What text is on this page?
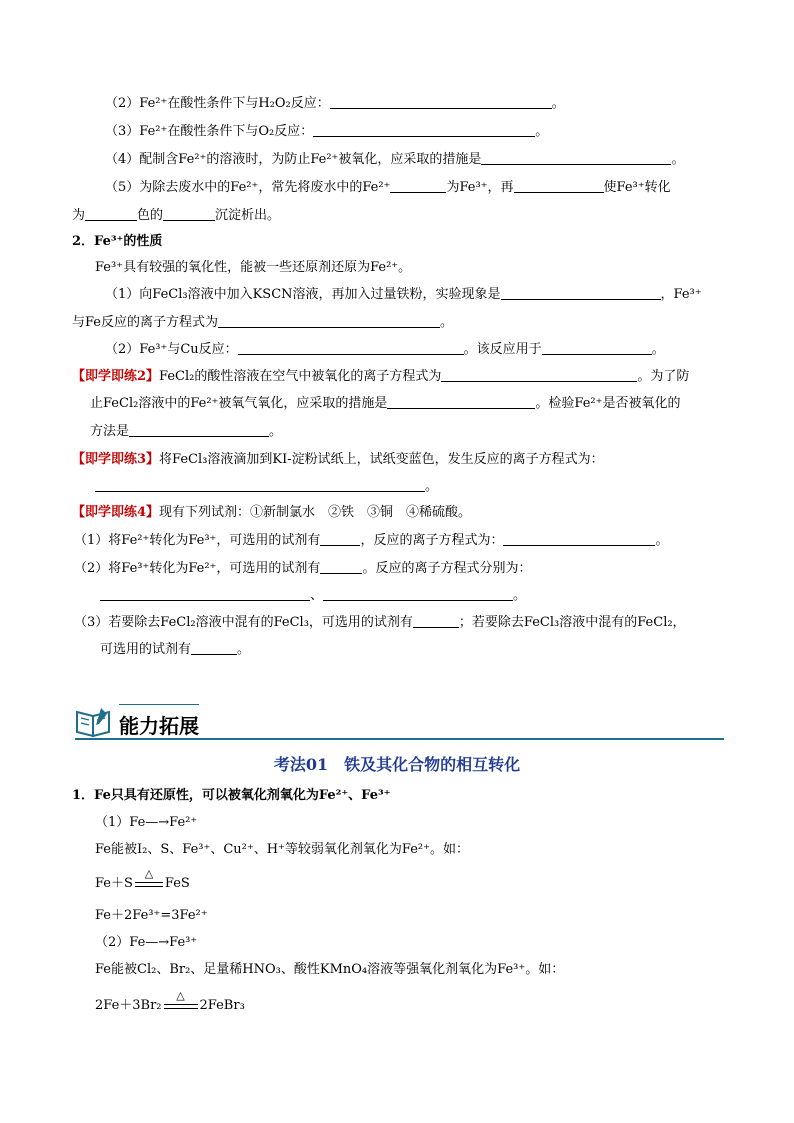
（2）Fe²⁺在酸性条件下与H₂O₂反应：	。
（3）Fe²⁺在酸性条件下与O₂反应：	。
（4）配制含Fe²⁺的溶液时，为防止Fe²⁺被氧化，应采取的措施是	。
（5）为除去废水中的Fe²⁺，常先将废水中的Fe²⁺	为Fe³⁺，再	使Fe³⁺转化
为	色的	沉淀析出。
2．Fe³⁺的性质
Fe³⁺具有较强的氧化性，能被一些还原剂还原为Fe²⁺。
（1）向FeCl₃溶液中加入KSCN溶液，再加入过量铁粉，实验现象是	，Fe³⁺
与Fe反应的离子方程式为	。
（2）Fe³⁺与Cu反应：	。该反应用于	。
【即学即练2】FeCl₂的酸性溶液在空气中被氧化的离子方程式为	。为了防
止FeCl₂溶液中的Fe²⁺被氧气氧化，应采取的措施是	。检验Fe²⁺是否被氧化的
方法是	。
【即学即练3】将FeCl₃溶液滴加到KI-淀粉试纸上，试纸变蓝色，发生反应的离子方程式为：
。
【即学即练4】现有下列试剂：①新制氯水　②铁　③铜　④稀硫酸。
（1）将Fe²⁺转化为Fe³⁺，可选用的试剂有	，反应的离子方程式为：	。
（2）将Fe³⁺转化为Fe²⁺，可选用的试剂有	。反应的离子方程式分别为：
、	。
（3）若要除去FeCl₂溶液中混有的FeCl₃，可选用的试剂有	；若要除去FeCl₃溶液中混有的FeCl₂，
可选用的试剂有	。
能力拓展
考法01　铁及其化合物的相互转化
1．Fe只具有还原性，可以被氧化剂氧化为Fe²⁺、Fe³⁺
（1）Fe—→Fe²⁺
Fe能被I₂、S、Fe³⁺、Cu²⁺、H⁺等较弱氧化剂氧化为Fe²⁺。如：
Fe＋S
△
FeS
Fe＋2Fe³⁺=3Fe²⁺
（2）Fe—→Fe³⁺
Fe能被Cl₂、Br₂、足量稀HNO₃、酸性KMnO₄溶液等强氧化剂氧化为Fe³⁺。如：
2Fe＋3Br₂
△
2FeBr₃
